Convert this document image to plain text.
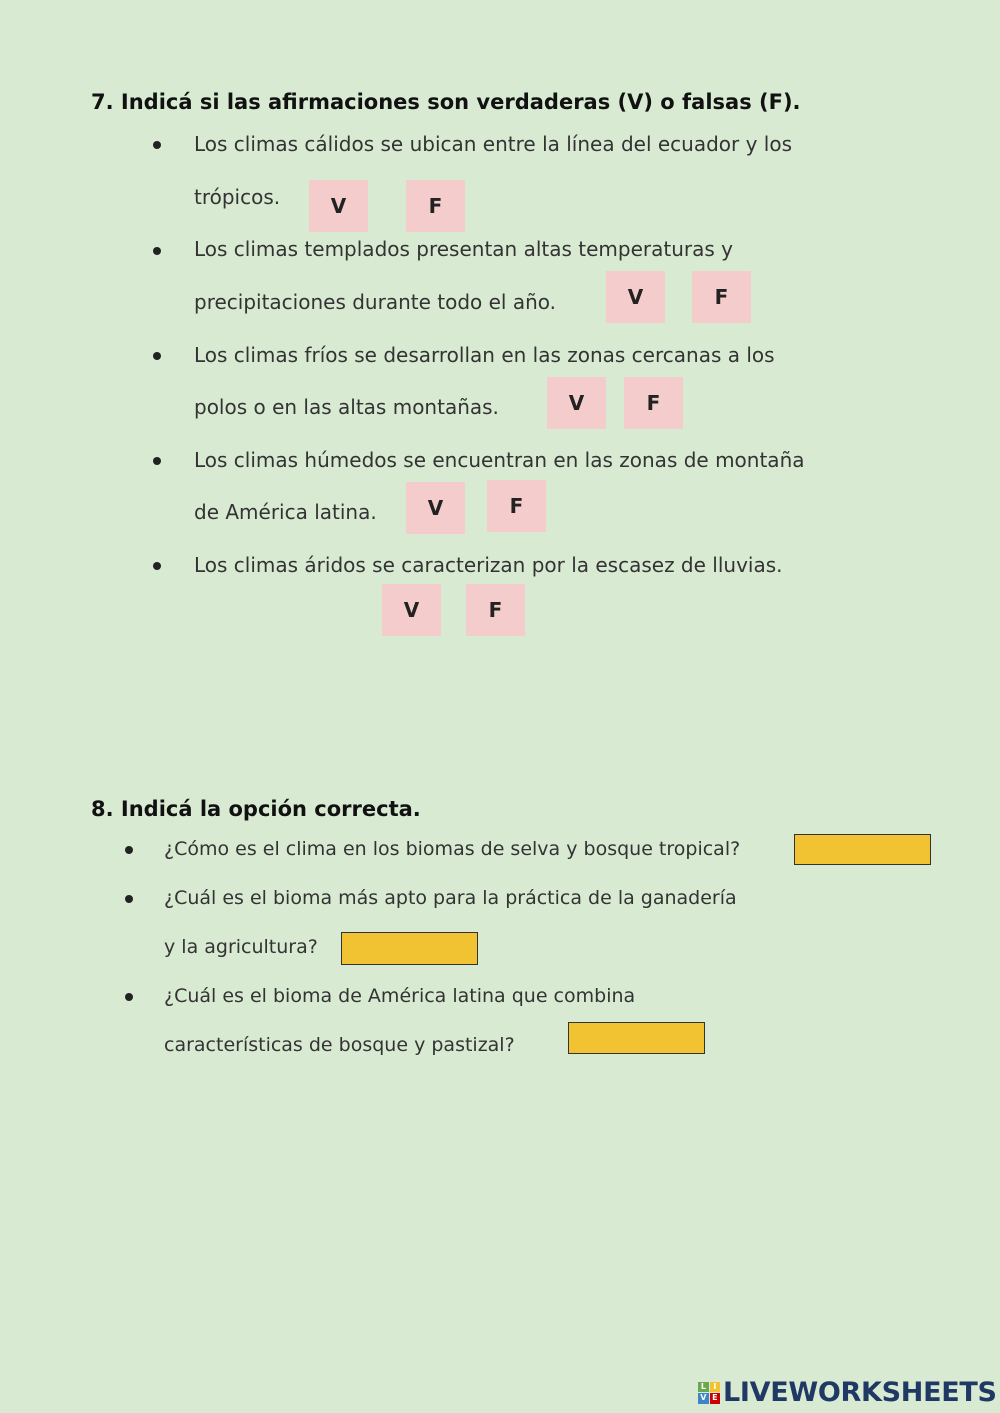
7. Indicá si las afirmaciones son verdaderas (V) o falsas (F).
Los climas cálidos se ubican entre la línea del ecuador y los
trópicos.	V	F
Los climas templados presentan altas temperaturas y
precipitaciones durante todo el año.	V	F
Los climas fríos se desarrollan en las zonas cercanas a los
polos o en las altas montañas.	V	F
Los climas húmedos se encuentran en las zonas de montaña
de América latina.	V	F
Los climas áridos se caracterizan por la escasez de lluvias.
V	F
8. Indicá la opción correcta.
¿Cómo es el clima en los biomas de selva y bosque tropical?
¿Cuál es el bioma más apto para la práctica de la ganadería
y la agricultura?
¿Cuál es el bioma de América latina que combina
características de bosque y pastizal?
L I
V E LIVEWORKSHEETS
